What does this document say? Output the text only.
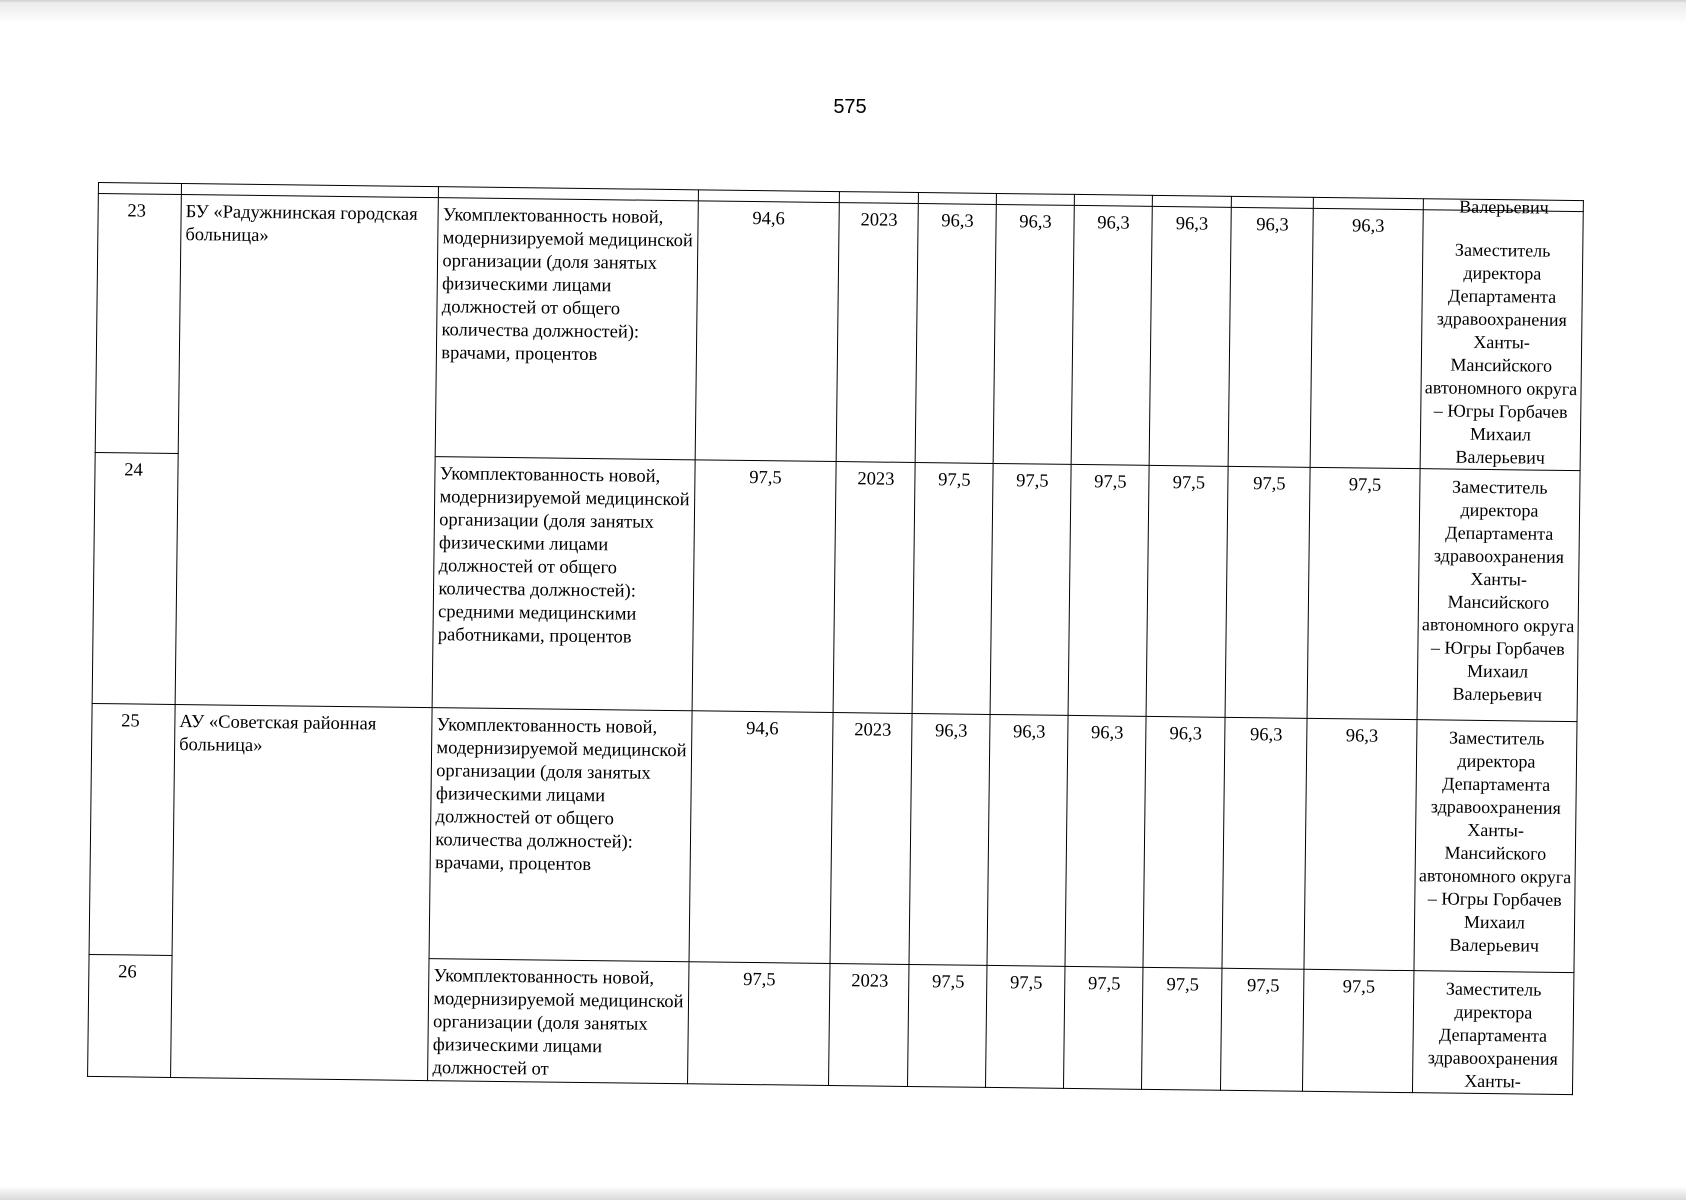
575

23	БУ «Радужнинская городская больница»	Укомплектованность новой, модернизируемой медицинской организации (доля занятых физическими лицами должностей от общего количества должностей): врачами, процентов	94,6	2023	96,3	96,3	96,3	96,3	96,3	96,3	Заместитель директора Департамента здравоохранения Ханты-Мансийского автономного округа – Югры Горбачев Михаил Валерьевич
24		Укомплектованность новой, модернизируемой медицинской организации (доля занятых физическими лицами должностей от общего количества должностей): средними медицинскими работниками, процентов	97,5	2023	97,5	97,5	97,5	97,5	97,5	97,5	Заместитель директора Департамента здравоохранения Ханты-Мансийского автономного округа – Югры Горбачев Михаил Валерьевич
25	АУ «Советская районная больница»	Укомплектованность новой, модернизируемой медицинской организации (доля занятых физическими лицами должностей от общего количества должностей): врачами, процентов	94,6	2023	96,3	96,3	96,3	96,3	96,3	96,3	Заместитель директора Департамента здравоохранения Ханты-Мансийского автономного округа – Югры Горбачев Михаил Валерьевич
26		Укомплектованность новой, модернизируемой медицинской организации (доля занятых физическими лицами должностей от	97,5	2023	97,5	97,5	97,5	97,5	97,5	97,5	Заместитель директора Департамента здравоохранения Ханты-
Валерьевич
